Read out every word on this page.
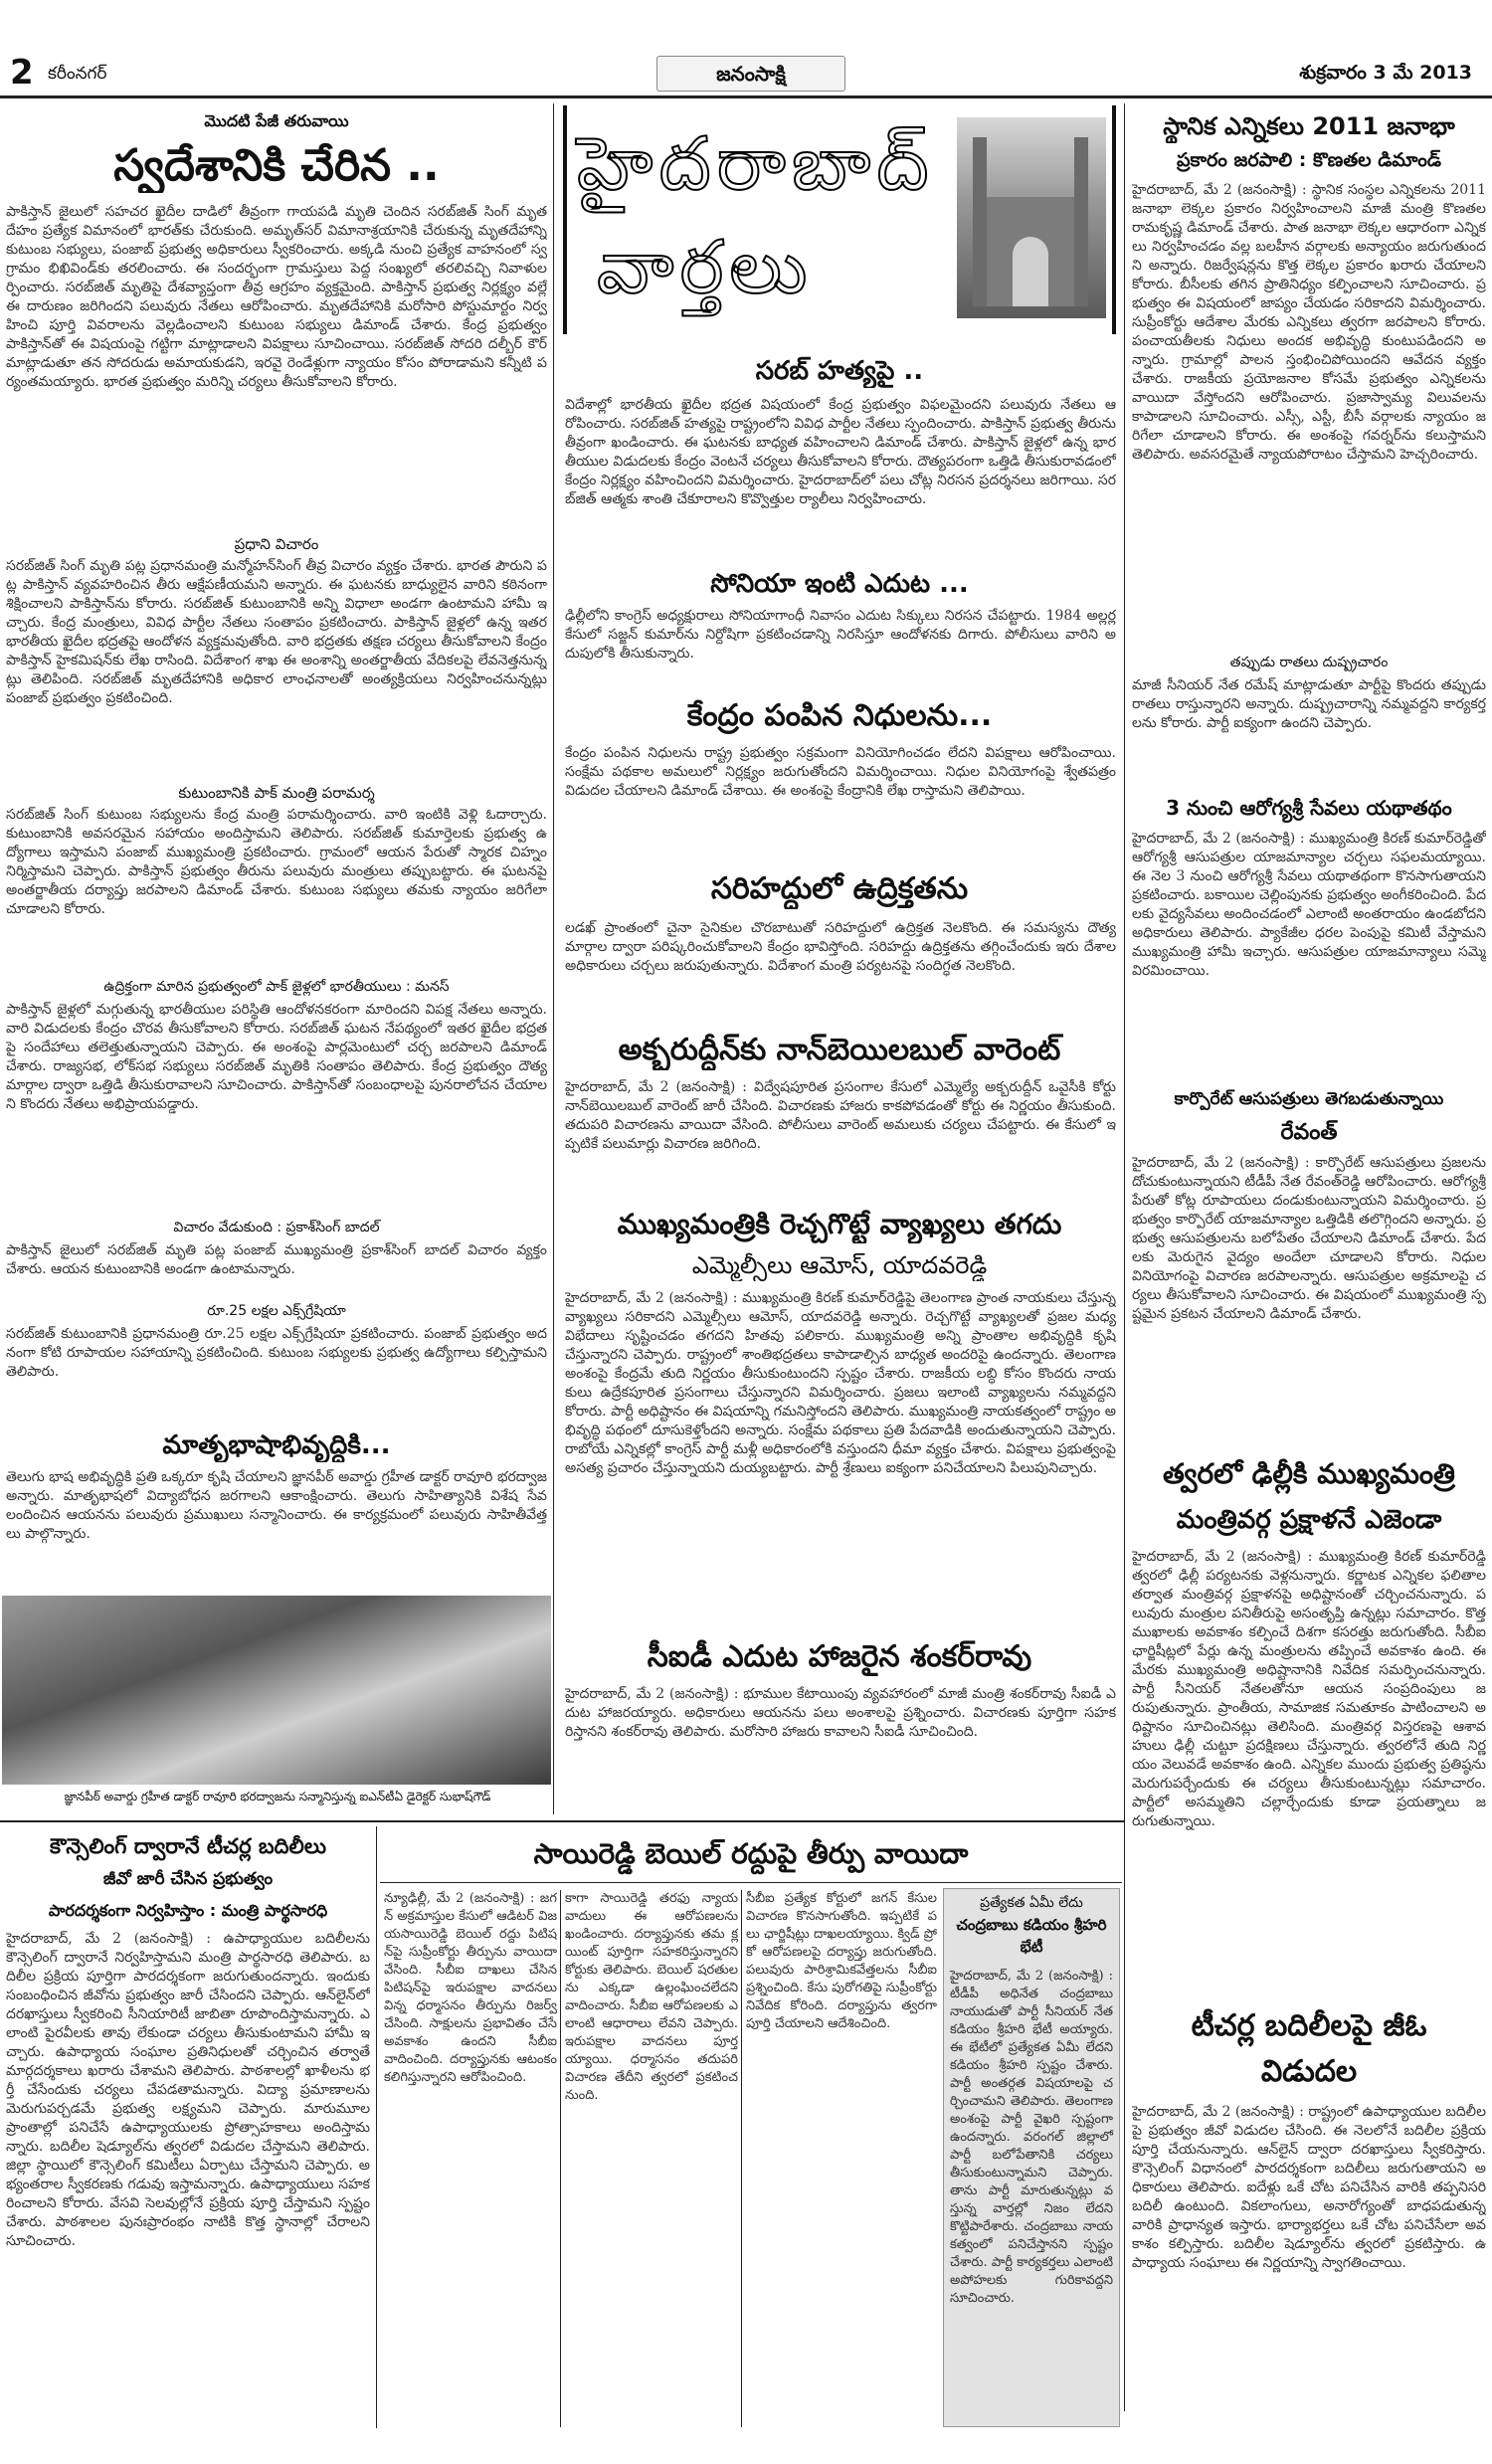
2 కరీంనగర్	జనంసాక్షి	శుక్రవారం 3 మే 2013
మొదటి పేజీ తరువాయి
స్వదేశానికి చేరిన ..
పాకిస్తాన్ జైలులో సహచర ఖైదీల దాడిలో తీవ్రంగా గాయపడి మృతి చెందిన సరబ్‌జిత్ సింగ్ మృతదేహం ప్రత్యేక విమానంలో భారత్‌కు చేరుకుంది. అమృత్‌సర్ విమానాశ్రయానికి చేరుకున్న మృతదేహాన్ని కుటుంబ సభ్యులు, పంజాబ్ ప్రభుత్వ అధికారులు స్వీకరించారు. అక్కడి నుంచి ప్రత్యేక వాహనంలో స్వగ్రామం భిఖివిండ్‌కు తరలించారు. ఈ సందర్భంగా గ్రామస్తులు పెద్ద సంఖ్యలో తరలివచ్చి నివాళులర్పించారు. సరబ్‌జిత్ మృతిపై దేశవ్యాప్తంగా తీవ్ర ఆగ్రహం వ్యక్తమైంది. పాకిస్తాన్ ప్రభుత్వ నిర్లక్ష్యం వల్లే ఈ దారుణం జరిగిందని పలువురు నేతలు ఆరోపించారు. మృతదేహానికి మరోసారి పోస్టుమార్టం నిర్వహించి పూర్తి వివరాలను వెల్లడించాలని కుటుంబ సభ్యులు డిమాండ్ చేశారు. కేంద్ర ప్రభుత్వం పాకిస్తాన్‌తో ఈ విషయంపై గట్టిగా మాట్లాడాలని విపక్షాలు సూచించాయి. సరబ్‌జిత్ సోదరి దల్బీర్ కౌర్ మాట్లాడుతూ తన సోదరుడు అమాయకుడని, ఇరవై రెండేళ్లుగా న్యాయం కోసం పోరాడామని కన్నీటి పర్యంతమయ్యారు. భారత ప్రభుత్వం మరిన్ని చర్యలు తీసుకోవాలని కోరారు.
ప్రధాని విచారం
సరబ్‌జిత్ సింగ్ మృతి పట్ల ప్రధానమంత్రి మన్మోహన్‌సింగ్ తీవ్ర విచారం వ్యక్తం చేశారు. భారత పౌరుని పట్ల పాకిస్తాన్ వ్యవహరించిన తీరు ఆక్షేపణీయమని అన్నారు. ఈ ఘటనకు బాధ్యులైన వారిని కఠినంగా శిక్షించాలని పాకిస్తాన్‌ను కోరారు. సరబ్‌జిత్ కుటుంబానికి అన్ని విధాలా అండగా ఉంటామని హామీ ఇచ్చారు. కేంద్ర మంత్రులు, వివిధ పార్టీల నేతలు సంతాపం ప్రకటించారు. పాకిస్తాన్ జైళ్లలో ఉన్న ఇతర భారతీయ ఖైదీల భద్రతపై ఆందోళన వ్యక్తమవుతోంది. వారి భద్రతకు తక్షణ చర్యలు తీసుకోవాలని కేంద్రం పాకిస్తాన్ హైకమిషన్‌కు లేఖ రాసింది. విదేశాంగ శాఖ ఈ అంశాన్ని అంతర్జాతీయ వేదికలపై లేవనెత్తనున్నట్లు తెలిపింది. సరబ్‌జిత్ మృతదేహానికి అధికార లాంఛనాలతో అంత్యక్రియలు నిర్వహించనున్నట్లు పంజాబ్ ప్రభుత్వం ప్రకటించింది.
కుటుంబానికి పాక్ మంత్రి పరామర్శ
సరబ్‌జిత్ సింగ్ కుటుంబ సభ్యులను కేంద్ర మంత్రి పరామర్శించారు. వారి ఇంటికి వెళ్లి ఓదార్చారు. కుటుంబానికి అవసరమైన సహాయం అందిస్తామని తెలిపారు. సరబ్‌జిత్ కుమార్తెలకు ప్రభుత్వ ఉద్యోగాలు ఇస్తామని పంజాబ్ ముఖ్యమంత్రి ప్రకటించారు. గ్రామంలో ఆయన పేరుతో స్మారక చిహ్నం నిర్మిస్తామని చెప్పారు. పాకిస్తాన్ ప్రభుత్వం తీరును పలువురు మంత్రులు తప్పుబట్టారు. ఈ ఘటనపై అంతర్జాతీయ దర్యాప్తు జరపాలని డిమాండ్ చేశారు. కుటుంబ సభ్యులు తమకు న్యాయం జరిగేలా చూడాలని కోరారు.
ఉద్రిక్తంగా మారిన ప్రభుత్వంలో పాక్ జైళ్లలో భారతీయులు : మనస్
పాకిస్తాన్ జైళ్లలో మగ్గుతున్న భారతీయుల పరిస్థితి ఆందోళనకరంగా మారిందని విపక్ష నేతలు అన్నారు. వారి విడుదలకు కేంద్రం చొరవ తీసుకోవాలని కోరారు. సరబ్‌జిత్ ఘటన నేపథ్యంలో ఇతర ఖైదీల భద్రతపై సందేహాలు తలెత్తుతున్నాయని చెప్పారు. ఈ అంశంపై పార్లమెంటులో చర్చ జరపాలని డిమాండ్ చేశారు. రాజ్యసభ, లోక్‌సభ సభ్యులు సరబ్‌జిత్ మృతికి సంతాపం తెలిపారు. కేంద్ర ప్రభుత్వం దౌత్య మార్గాల ద్వారా ఒత్తిడి తీసుకురావాలని సూచించారు. పాకిస్తాన్‌తో సంబంధాలపై పునరాలోచన చేయాలని కొందరు నేతలు అభిప్రాయపడ్డారు.
విచారం వేడుకుంది : ప్రకాశ్‌సింగ్ బాదల్
పాకిస్తాన్ జైలులో సరబ్‌జిత్ మృతి పట్ల పంజాబ్ ముఖ్యమంత్రి ప్రకాశ్‌సింగ్ బాదల్ విచారం వ్యక్తం చేశారు. ఆయన కుటుంబానికి అండగా ఉంటామన్నారు.
రూ.25 లక్షల ఎక్స్‌గ్రేషియా
సరబ్‌జిత్ కుటుంబానికి ప్రధానమంత్రి రూ.25 లక్షల ఎక్స్‌గ్రేషియా ప్రకటించారు. పంజాబ్ ప్రభుత్వం అదనంగా కోటి రూపాయల సహాయాన్ని ప్రకటించింది. కుటుంబ సభ్యులకు ప్రభుత్వ ఉద్యోగాలు కల్పిస్తామని తెలిపారు.
మాతృభాషాభివృద్ధికి...
తెలుగు భాష అభివృద్ధికి ప్రతి ఒక్కరూ కృషి చేయాలని జ్ఞానపీఠ్ అవార్డు గ్రహీత డాక్టర్ రావూరి భరద్వాజ అన్నారు. మాతృభాషలో విద్యాబోధన జరగాలని ఆకాంక్షించారు. తెలుగు సాహిత్యానికి విశేష సేవలందించిన ఆయనను పలువురు ప్రముఖులు సన్మానించారు. ఈ కార్యక్రమంలో పలువురు సాహితీవేత్తలు పాల్గొన్నారు.
జ్ఞానపీఠ్ అవార్డు గ్రహీత డాక్టర్ రావూరి భరద్వాజను సన్మానిస్తున్న ఐఎన్‌టీఏ డైరెక్టర్ సుభాష్‌గౌడ్
హైదరాబాద్
వార్తలు
సరబ్ హత్యపై ..
విదేశాల్లో భారతీయ ఖైదీల భద్రత విషయంలో కేంద్ర ప్రభుత్వం విఫలమైందని పలువురు నేతలు ఆరోపించారు. సరబ్‌జిత్ హత్యపై రాష్ట్రంలోని వివిధ పార్టీల నేతలు స్పందించారు. పాకిస్తాన్ ప్రభుత్వ తీరును తీవ్రంగా ఖండించారు. ఈ ఘటనకు బాధ్యత వహించాలని డిమాండ్ చేశారు. పాకిస్తాన్ జైళ్లలో ఉన్న భారతీయుల విడుదలకు కేంద్రం వెంటనే చర్యలు తీసుకోవాలని కోరారు. దౌత్యపరంగా ఒత్తిడి తీసుకురావడంలో కేంద్రం నిర్లక్ష్యం వహించిందని విమర్శించారు. హైదరాబాద్‌లో పలు చోట్ల నిరసన ప్రదర్శనలు జరిగాయి. సరబ్‌జిత్ ఆత్మకు శాంతి చేకూరాలని కొవ్వొత్తుల ర్యాలీలు నిర్వహించారు.
సోనియా ఇంటి ఎదుట ...
ఢిల్లీలోని కాంగ్రెస్ అధ్యక్షురాలు సోనియాగాంధీ నివాసం ఎదుట సిక్కులు నిరసన చేపట్టారు. 1984 అల్లర్ల కేసులో సజ్జన్ కుమార్‌ను నిర్దోషిగా ప్రకటించడాన్ని నిరసిస్తూ ఆందోళనకు దిగారు. పోలీసులు వారిని అదుపులోకి తీసుకున్నారు.
కేంద్రం పంపిన నిధులను...
కేంద్రం పంపిన నిధులను రాష్ట్ర ప్రభుత్వం సక్రమంగా వినియోగించడం లేదని విపక్షాలు ఆరోపించాయి. సంక్షేమ పథకాల అమలులో నిర్లక్ష్యం జరుగుతోందని విమర్శించాయి. నిధుల వినియోగంపై శ్వేతపత్రం విడుదల చేయాలని డిమాండ్ చేశాయి. ఈ అంశంపై కేంద్రానికి లేఖ రాస్తామని తెలిపాయి.
సరిహద్దులో ఉద్రిక్తతను
లడఖ్ ప్రాంతంలో చైనా సైనికుల చొరబాటుతో సరిహద్దులో ఉద్రిక్తత నెలకొంది. ఈ సమస్యను దౌత్య మార్గాల ద్వారా పరిష్కరించుకోవాలని కేంద్రం భావిస్తోంది. సరిహద్దు ఉద్రిక్తతను తగ్గించేందుకు ఇరు దేశాల అధికారులు చర్చలు జరుపుతున్నారు. విదేశాంగ మంత్రి పర్యటనపై సందిగ్ధత నెలకొంది.
అక్బరుద్దీన్‌కు నాన్‌బెయిలబుల్ వారెంట్
హైదరాబాద్, మే 2 (జనంసాక్షి) : విద్వేషపూరిత ప్రసంగాల కేసులో ఎమ్మెల్యే అక్బరుద్దీన్ ఒవైసీకి కోర్టు నాన్‌బెయిలబుల్ వారెంట్ జారీ చేసింది. విచారణకు హాజరు కాకపోవడంతో కోర్టు ఈ నిర్ణయం తీసుకుంది. తదుపరి విచారణను వాయిదా వేసింది. పోలీసులు వారెంట్ అమలుకు చర్యలు చేపట్టారు. ఈ కేసులో ఇప్పటికే పలుమార్లు విచారణ జరిగింది.
ముఖ్యమంత్రికి రెచ్చగొట్టే వ్యాఖ్యలు తగదు
ఎమ్మెల్సీలు ఆమోస్, యాదవరెడ్డి
హైదరాబాద్, మే 2 (జనంసాక్షి) : ముఖ్యమంత్రి కిరణ్ కుమార్‌రెడ్డిపై తెలంగాణ ప్రాంత నాయకులు చేస్తున్న వ్యాఖ్యలు సరికాదని ఎమ్మెల్సీలు ఆమోస్, యాదవరెడ్డి అన్నారు. రెచ్చగొట్టే వ్యాఖ్యలతో ప్రజల మధ్య విభేదాలు సృష్టించడం తగదని హితవు పలికారు. ముఖ్యమంత్రి అన్ని ప్రాంతాల అభివృద్ధికి కృషి చేస్తున్నారని చెప్పారు. రాష్ట్రంలో శాంతిభద్రతలు కాపాడాల్సిన బాధ్యత అందరిపై ఉందన్నారు. తెలంగాణ అంశంపై కేంద్రమే తుది నిర్ణయం తీసుకుంటుందని స్పష్టం చేశారు. రాజకీయ లబ్ధి కోసం కొందరు నాయకులు ఉద్రేకపూరిత ప్రసంగాలు చేస్తున్నారని విమర్శించారు. ప్రజలు ఇలాంటి వ్యాఖ్యలను నమ్మవద్దని కోరారు. పార్టీ అధిష్టానం ఈ విషయాన్ని గమనిస్తోందని తెలిపారు. ముఖ్యమంత్రి నాయకత్వంలో రాష్ట్రం అభివృద్ధి పథంలో దూసుకెళ్తోందని అన్నారు. సంక్షేమ పథకాలు ప్రతి పేదవాడికి అందుతున్నాయని చెప్పారు. రాబోయే ఎన్నికల్లో కాంగ్రెస్ పార్టీ మళ్లీ అధికారంలోకి వస్తుందని ధీమా వ్యక్తం చేశారు. విపక్షాలు ప్రభుత్వంపై అసత్య ప్రచారం చేస్తున్నాయని దుయ్యబట్టారు. పార్టీ శ్రేణులు ఐక్యంగా పనిచేయాలని పిలుపునిచ్చారు.
సీఐడీ ఎదుట హాజరైన శంకర్‌రావు
హైదరాబాద్, మే 2 (జనంసాక్షి) : భూముల కేటాయింపు వ్యవహారంలో మాజీ మంత్రి శంకర్‌రావు సీఐడీ ఎదుట హాజరయ్యారు. అధికారులు ఆయనను పలు అంశాలపై ప్రశ్నించారు. విచారణకు పూర్తిగా సహకరిస్తానని శంకర్‌రావు తెలిపారు. మరోసారి హాజరు కావాలని సీఐడీ సూచించింది.
స్థానిక ఎన్నికలు 2011 జనాభా
ప్రకారం జరపాలి : కొణతల డిమాండ్
హైదరాబాద్, మే 2 (జనంసాక్షి) : స్థానిక సంస్థల ఎన్నికలను 2011 జనాభా లెక్కల ప్రకారం నిర్వహించాలని మాజీ మంత్రి కొణతల రామకృష్ణ డిమాండ్ చేశారు. పాత జనాభా లెక్కల ఆధారంగా ఎన్నికలు నిర్వహించడం వల్ల బలహీన వర్గాలకు అన్యాయం జరుగుతుందని అన్నారు. రిజర్వేషన్లను కొత్త లెక్కల ప్రకారం ఖరారు చేయాలని కోరారు. బీసీలకు తగిన ప్రాతినిధ్యం కల్పించాలని సూచించారు. ప్రభుత్వం ఈ విషయంలో జాప్యం చేయడం సరికాదని విమర్శించారు. సుప్రీంకోర్టు ఆదేశాల మేరకు ఎన్నికలు త్వరగా జరపాలని కోరారు. పంచాయతీలకు నిధులు అందక అభివృద్ధి కుంటుపడిందని అన్నారు. గ్రామాల్లో పాలన స్తంభించిపోయిందని ఆవేదన వ్యక్తం చేశారు. రాజకీయ ప్రయోజనాల కోసమే ప్రభుత్వం ఎన్నికలను వాయిదా వేస్తోందని ఆరోపించారు. ప్రజాస్వామ్య విలువలను కాపాడాలని సూచించారు. ఎస్సీ, ఎస్టీ, బీసీ వర్గాలకు న్యాయం జరిగేలా చూడాలని కోరారు. ఈ అంశంపై గవర్నర్‌ను కలుస్తామని తెలిపారు. అవసరమైతే న్యాయపోరాటం చేస్తామని హెచ్చరించారు.
తప్పుడు రాతలు దుష్ప్రచారం
మాజీ సీనియర్ నేత రమేష్ మాట్లాడుతూ పార్టీపై కొందరు తప్పుడు రాతలు రాస్తున్నారని అన్నారు. దుష్ప్రచారాన్ని నమ్మవద్దని కార్యకర్తలను కోరారు. పార్టీ ఐక్యంగా ఉందని చెప్పారు.
3 నుంచి ఆరోగ్యశ్రీ సేవలు యథాతథం
హైదరాబాద్, మే 2 (జనంసాక్షి) : ముఖ్యమంత్రి కిరణ్ కుమార్‌రెడ్డితో ఆరోగ్యశ్రీ ఆసుపత్రుల యాజమాన్యాల చర్చలు సఫలమయ్యాయి. ఈ నెల 3 నుంచి ఆరోగ్యశ్రీ సేవలు యథాతథంగా కొనసాగుతాయని ప్రకటించారు. బకాయిల చెల్లింపునకు ప్రభుత్వం అంగీకరించింది. పేదలకు వైద్యసేవలు అందించడంలో ఎలాంటి అంతరాయం ఉండబోదని అధికారులు తెలిపారు. ప్యాకేజీల ధరల పెంపుపై కమిటీ వేస్తామని ముఖ్యమంత్రి హామీ ఇచ్చారు. ఆసుపత్రుల యాజమాన్యాలు సమ్మె విరమించాయి.
కార్పొరేట్ ఆసుపత్రులు తెగబడుతున్నాయి
రేవంత్
హైదరాబాద్, మే 2 (జనంసాక్షి) : కార్పొరేట్ ఆసుపత్రులు ప్రజలను దోచుకుంటున్నాయని టీడీపీ నేత రేవంత్‌రెడ్డి ఆరోపించారు. ఆరోగ్యశ్రీ పేరుతో కోట్ల రూపాయలు దండుకుంటున్నాయని విమర్శించారు. ప్రభుత్వం కార్పొరేట్ యాజమాన్యాల ఒత్తిడికి తలొగ్గిందని అన్నారు. ప్రభుత్వ ఆసుపత్రులను బలోపేతం చేయాలని డిమాండ్ చేశారు. పేదలకు మెరుగైన వైద్యం అందేలా చూడాలని కోరారు. నిధుల వినియోగంపై విచారణ జరపాలన్నారు. ఆసుపత్రుల అక్రమాలపై చర్యలు తీసుకోవాలని సూచించారు. ఈ విషయంలో ముఖ్యమంత్రి స్పష్టమైన ప్రకటన చేయాలని డిమాండ్ చేశారు.
త్వరలో ఢిల్లీకి ముఖ్యమంత్రి
మంత్రివర్గ ప్రక్షాళనే ఎజెండా
హైదరాబాద్, మే 2 (జనంసాక్షి) : ముఖ్యమంత్రి కిరణ్ కుమార్‌రెడ్డి త్వరలో ఢిల్లీ పర్యటనకు వెళ్లనున్నారు. కర్ణాటక ఎన్నికల ఫలితాల తర్వాత మంత్రివర్గ ప్రక్షాళనపై అధిష్టానంతో చర్చించనున్నారు. పలువురు మంత్రుల పనితీరుపై అసంతృప్తి ఉన్నట్లు సమాచారం. కొత్త ముఖాలకు అవకాశం కల్పించే దిశగా కసరత్తు జరుగుతోంది. సీబీఐ ఛార్జిషీట్లలో పేర్లు ఉన్న మంత్రులను తప్పించే అవకాశం ఉంది. ఈ మేరకు ముఖ్యమంత్రి అధిష్టానానికి నివేదిక సమర్పించనున్నారు. పార్టీ సీనియర్ నేతలతోనూ ఆయన సంప్రదింపులు జరుపుతున్నారు. ప్రాంతీయ, సామాజిక సమతూకం పాటించాలని అధిష్టానం సూచించినట్లు తెలిసింది. మంత్రివర్గ విస్తరణపై ఆశావహులు ఢిల్లీ చుట్టూ ప్రదక్షిణలు చేస్తున్నారు. త్వరలోనే తుది నిర్ణయం వెలువడే అవకాశం ఉంది. ఎన్నికల ముందు ప్రభుత్వ ప్రతిష్ఠను మెరుగుపర్చేందుకు ఈ చర్యలు తీసుకుంటున్నట్లు సమాచారం. పార్టీలో అసమ్మతిని చల్లార్చేందుకు కూడా ప్రయత్నాలు జరుగుతున్నాయి.
టీచర్ల బదిలీలపై జీఓ
విడుదల
హైదరాబాద్, మే 2 (జనంసాక్షి) : రాష్ట్రంలో ఉపాధ్యాయుల బదిలీలపై ప్రభుత్వం జీవో విడుదల చేసింది. ఈ నెలలోనే బదిలీల ప్రక్రియ పూర్తి చేయనున్నారు. ఆన్‌లైన్ ద్వారా దరఖాస్తులు స్వీకరిస్తారు. కౌన్సెలింగ్ విధానంలో పారదర్శకంగా బదిలీలు జరుగుతాయని అధికారులు తెలిపారు. ఐదేళ్లు ఒకే చోట పనిచేసిన వారికి తప్పనిసరి బదిలీ ఉంటుంది. వికలాంగులు, అనారోగ్యంతో బాధపడుతున్న వారికి ప్రాధాన్యత ఇస్తారు. భార్యాభర్తలు ఒకే చోట పనిచేసేలా అవకాశం కల్పిస్తారు. బదిలీల షెడ్యూల్‌ను త్వరలో ప్రకటిస్తారు. ఉపాధ్యాయ సంఘాలు ఈ నిర్ణయాన్ని స్వాగతించాయి.
కౌన్సెలింగ్ ద్వారానే టీచర్ల బదిలీలు
జీవో జారీ చేసిన ప్రభుత్వం
పారదర్శకంగా నిర్వహిస్తాం : మంత్రి పార్థసారధి
హైదరాబాద్, మే 2 (జనంసాక్షి) : ఉపాధ్యాయుల బదిలీలను కౌన్సెలింగ్ ద్వారానే నిర్వహిస్తామని మంత్రి పార్థసారధి తెలిపారు. బదిలీల ప్రక్రియ పూర్తిగా పారదర్శకంగా జరుగుతుందన్నారు. ఇందుకు సంబంధించిన జీవోను ప్రభుత్వం జారీ చేసిందని చెప్పారు. ఆన్‌లైన్‌లో దరఖాస్తులు స్వీకరించి సీనియారిటీ జాబితా రూపొందిస్తామన్నారు. ఎలాంటి పైరవీలకు తావు లేకుండా చర్యలు తీసుకుంటామని హామీ ఇచ్చారు. ఉపాధ్యాయ సంఘాల ప్రతినిధులతో చర్చించిన తర్వాతే మార్గదర్శకాలు ఖరారు చేశామని తెలిపారు. పాఠశాలల్లో ఖాళీలను భర్తీ చేసేందుకు చర్యలు చేపడతామన్నారు. విద్యా ప్రమాణాలను మెరుగుపర్చడమే ప్రభుత్వ లక్ష్యమని చెప్పారు. మారుమూల ప్రాంతాల్లో పనిచేసే ఉపాధ్యాయులకు ప్రోత్సాహకాలు అందిస్తామన్నారు. బదిలీల షెడ్యూల్‌ను త్వరలో విడుదల చేస్తామని తెలిపారు. జిల్లా స్థాయిలో కౌన్సెలింగ్ కమిటీలు ఏర్పాటు చేస్తామని చెప్పారు. అభ్యంతరాల స్వీకరణకు గడువు ఇస్తామన్నారు. ఉపాధ్యాయులు సహకరించాలని కోరారు. వేసవి సెలవుల్లోనే ప్రక్రియ పూర్తి చేస్తామని స్పష్టం చేశారు. పాఠశాలల పునఃప్రారంభం నాటికి కొత్త స్థానాల్లో చేరాలని సూచించారు.
సాయిరెడ్డి బెయిల్ రద్దుపై తీర్పు వాయిదా
న్యూఢిల్లీ, మే 2 (జనంసాక్షి) : జగన్ అక్రమాస్తుల కేసులో ఆడిటర్ విజయసాయిరెడ్డి బెయిల్ రద్దు పిటిషన్‌పై సుప్రీంకోర్టు తీర్పును వాయిదా వేసింది. సీబీఐ దాఖలు చేసిన పిటిషన్‌పై ఇరుపక్షాల వాదనలు విన్న ధర్మాసనం తీర్పును రిజర్వ్ చేసింది. సాక్షులను ప్రభావితం చేసే అవకాశం ఉందని సీబీఐ వాదించింది. దర్యాప్తునకు ఆటంకం కలిగిస్తున్నారని ఆరోపించింది.
కాగా సాయిరెడ్డి తరఫు న్యాయవాదులు ఈ ఆరోపణలను ఖండించారు. దర్యాప్తునకు తమ క్లయింట్ పూర్తిగా సహకరిస్తున్నారని కోర్టుకు తెలిపారు. బెయిల్ షరతులను ఎక్కడా ఉల్లంఘించలేదని వాదించారు. సీబీఐ ఆరోపణలకు ఎలాంటి ఆధారాలు లేవని చెప్పారు. ఇరుపక్షాల వాదనలు పూర్తయ్యాయి. ధర్మాసనం తదుపరి విచారణ తేదీని త్వరలో ప్రకటించనుంది.
సీబీఐ ప్రత్యేక కోర్టులో జగన్ కేసుల విచారణ కొనసాగుతోంది. ఇప్పటికే పలు ఛార్జిషీట్లు దాఖలయ్యాయి. క్విడ్ ప్రో కో ఆరోపణలపై దర్యాప్తు జరుగుతోంది. పలువురు పారిశ్రామికవేత్తలను సీబీఐ ప్రశ్నించింది. కేసు పురోగతిపై సుప్రీంకోర్టు నివేదిక కోరింది. దర్యాప్తును త్వరగా పూర్తి చేయాలని ఆదేశించింది.
ప్రత్యేకత ఏమీ లేదు
చంద్రబాబు కడియం శ్రీహరి భేటీ
హైదరాబాద్, మే 2 (జనంసాక్షి) : టీడీపీ అధినేత చంద్రబాబు నాయుడుతో పార్టీ సీనియర్ నేత కడియం శ్రీహరి భేటీ అయ్యారు. ఈ భేటీలో ప్రత్యేకత ఏమీ లేదని కడియం శ్రీహరి స్పష్టం చేశారు. పార్టీ అంతర్గత విషయాలపై చర్చించామని తెలిపారు. తెలంగాణ అంశంపై పార్టీ వైఖరి స్పష్టంగా ఉందన్నారు. వరంగల్ జిల్లాలో పార్టీ బలోపేతానికి చర్యలు తీసుకుంటున్నామని చెప్పారు. తాను పార్టీ మారుతున్నట్లు వస్తున్న వార్తల్లో నిజం లేదని కొట్టిపారేశారు. చంద్రబాబు నాయకత్వంలో పనిచేస్తానని స్పష్టం చేశారు. పార్టీ కార్యకర్తలు ఎలాంటి అపోహలకు గురికావద్దని సూచించారు.
